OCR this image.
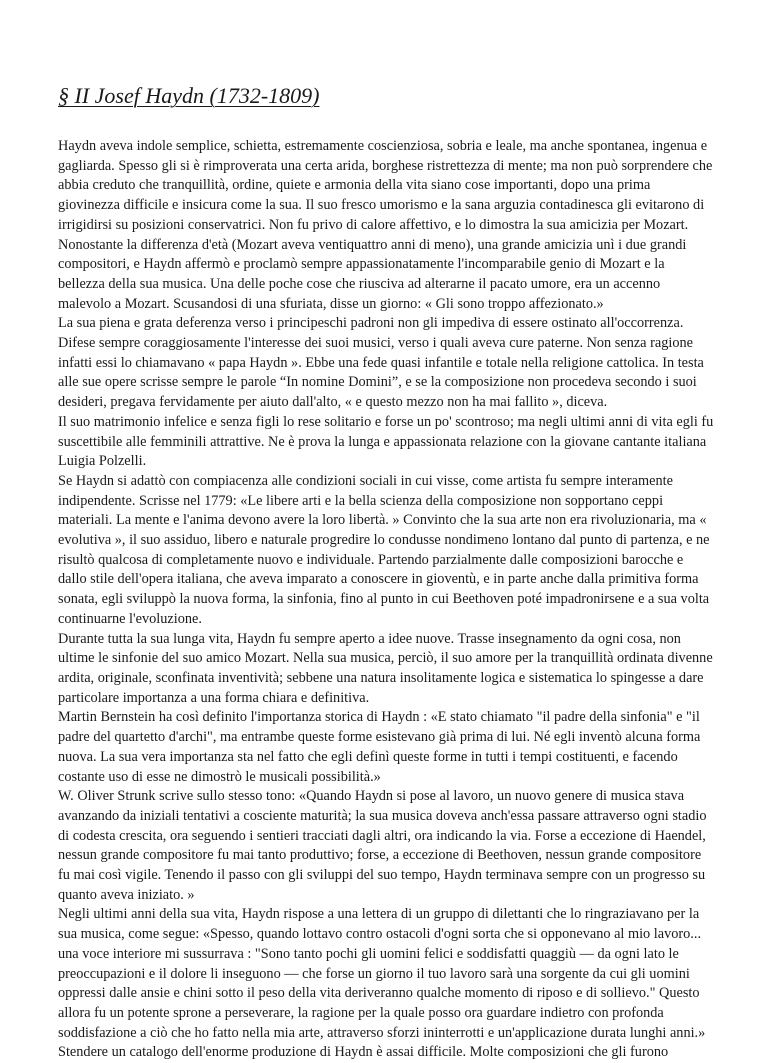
§ II Josef Haydn (1732-1809)

Haydn aveva indole semplice, schietta, estremamente coscienziosa, sobria e leale, ma anche spontanea, ingenua e gagliarda. Spesso gli si è rimproverata una certa arida, borghese ristrettezza di mente; ma non può sorprendere che abbia creduto che tranquillità, ordine, quiete e armonia della vita siano cose importanti, dopo una prima giovinezza difficile e insicura come la sua. Il suo fresco umorismo e la sana arguzia contadinesca gli evitarono di irrigidirsi su posizioni conservatrici. Non fu privo di calore affettivo, e lo dimostra la sua amicizia per Mozart. Nonostante la differenza d'età (Mozart aveva ventiquattro anni di meno), una grande amicizia unì i due grandi compositori, e Haydn affermò e proclamò sempre appassionatamente l'incomparabile genio di Mozart e la bellezza della sua musica. Una delle poche cose che riusciva ad alterarne il pacato umore, era un accenno malevolo a Mozart. Scusandosi di una sfuriata, disse un giorno: « Gli sono troppo affezionato.»

La sua piena e grata deferenza verso i principeschi padroni non gli impediva di essere ostinato all'occorrenza. Difese sempre coraggiosamente l'interesse dei suoi musici, verso i quali aveva cure paterne. Non senza ragione infatti essi lo chiamavano « papa Haydn ». Ebbe una fede quasi infantile e totale nella religione cattolica. In testa alle sue opere scrisse sempre le parole “In nomine Domini”, e se la composizione non procedeva secondo i suoi desideri, pregava fervidamente per aiuto dall'alto, « e questo mezzo non ha mai fallito », diceva.

Il suo matrimonio infelice e senza figli lo rese solitario e forse un po' scontroso; ma negli ultimi anni di vita egli fu suscettibile alle femminili attrattive. Ne è prova la lunga e appassionata relazione con la giovane cantante italiana Luigia Polzelli.

Se Haydn si adattò con compiacenza alle condizioni sociali in cui visse, come artista fu sempre interamente indipendente. Scrisse nel 1779: «Le libere arti e la bella scienza della composizione non sopportano ceppi materiali. La mente e l'anima devono avere la loro libertà. » Convinto che la sua arte non era rivoluzionaria, ma « evolutiva », il suo assiduo, libero e naturale progredire lo condusse nondimeno lontano dal punto di partenza, e ne risultò qualcosa di completamente nuovo e individuale. Partendo parzialmente dalle composizioni barocche e dallo stile dell'opera italiana, che aveva imparato a conoscere in gioventù, e in parte anche dalla primitiva forma sonata, egli sviluppò la nuova forma, la sinfonia, fino al punto in cui Beethoven poté impadronirsene e a sua volta continuarne l'evoluzione.

Durante tutta la sua lunga vita, Haydn fu sempre aperto a idee nuove. Trasse insegnamento da ogni cosa, non ultime le sinfonie del suo amico Mozart. Nella sua musica, perciò, il suo amore per la tranquillità ordinata divenne ardita, originale, sconfinata inventività; sebbene una natura insolitamente logica e sistematica lo spingesse a dare particolare importanza a una forma chiara e definitiva.

Martin Bernstein ha così definito l'importanza storica di Haydn : «E stato chiamato "il padre della sinfonia" e "il padre del quartetto d'archi", ma entrambe queste forme esistevano già prima di lui. Né egli inventò alcuna forma nuova. La sua vera importanza sta nel fatto che egli definì queste forme in tutti i tempi costituenti, e facendo costante uso di esse ne dimostrò le musicali possibilità.»

W. Oliver Strunk scrive sullo stesso tono: «Quando Haydn si pose al lavoro, un nuovo genere di musica stava avanzando da iniziali tentativi a cosciente maturità; la sua musica doveva anch'essa passare attraverso ogni stadio di codesta crescita, ora seguendo i sentieri tracciati dagli altri, ora indicando la via. Forse a eccezione di Haendel, nessun grande compositore fu mai tanto produttivo; forse, a eccezione di Beethoven, nessun grande compositore fu mai così vigile. Tenendo il passo con gli sviluppi del suo tempo, Haydn terminava sempre con un progresso su quanto aveva iniziato. »

Negli ultimi anni della sua vita, Haydn rispose a una lettera di un gruppo di dilettanti che lo ringraziavano per la sua musica, come segue: «Spesso, quando lottavo contro ostacoli d'ogni sorta che si opponevano al mio lavoro... una voce interiore mi sussurrava : "Sono tanto pochi gli uomini felici e soddisfatti quaggiù — da ogni lato le preoccupazioni e il dolore li inseguono — che forse un giorno il tuo lavoro sarà una sorgente da cui gli uomini oppressi dalle ansie e chini sotto il peso della vita deriveranno qualche momento di riposo e di sollievo." Questo allora fu un potente sprone a perseverare, la ragione per la quale posso ora guardare indietro con profonda soddisfazione a ciò che ho fatto nella mia arte, attraverso sforzi ininterrotti e un'applicazione durata lunghi anni.»

Stendere un catalogo dell'enorme produzione di Haydn è assai difficile. Molte composizioni che gli furono
